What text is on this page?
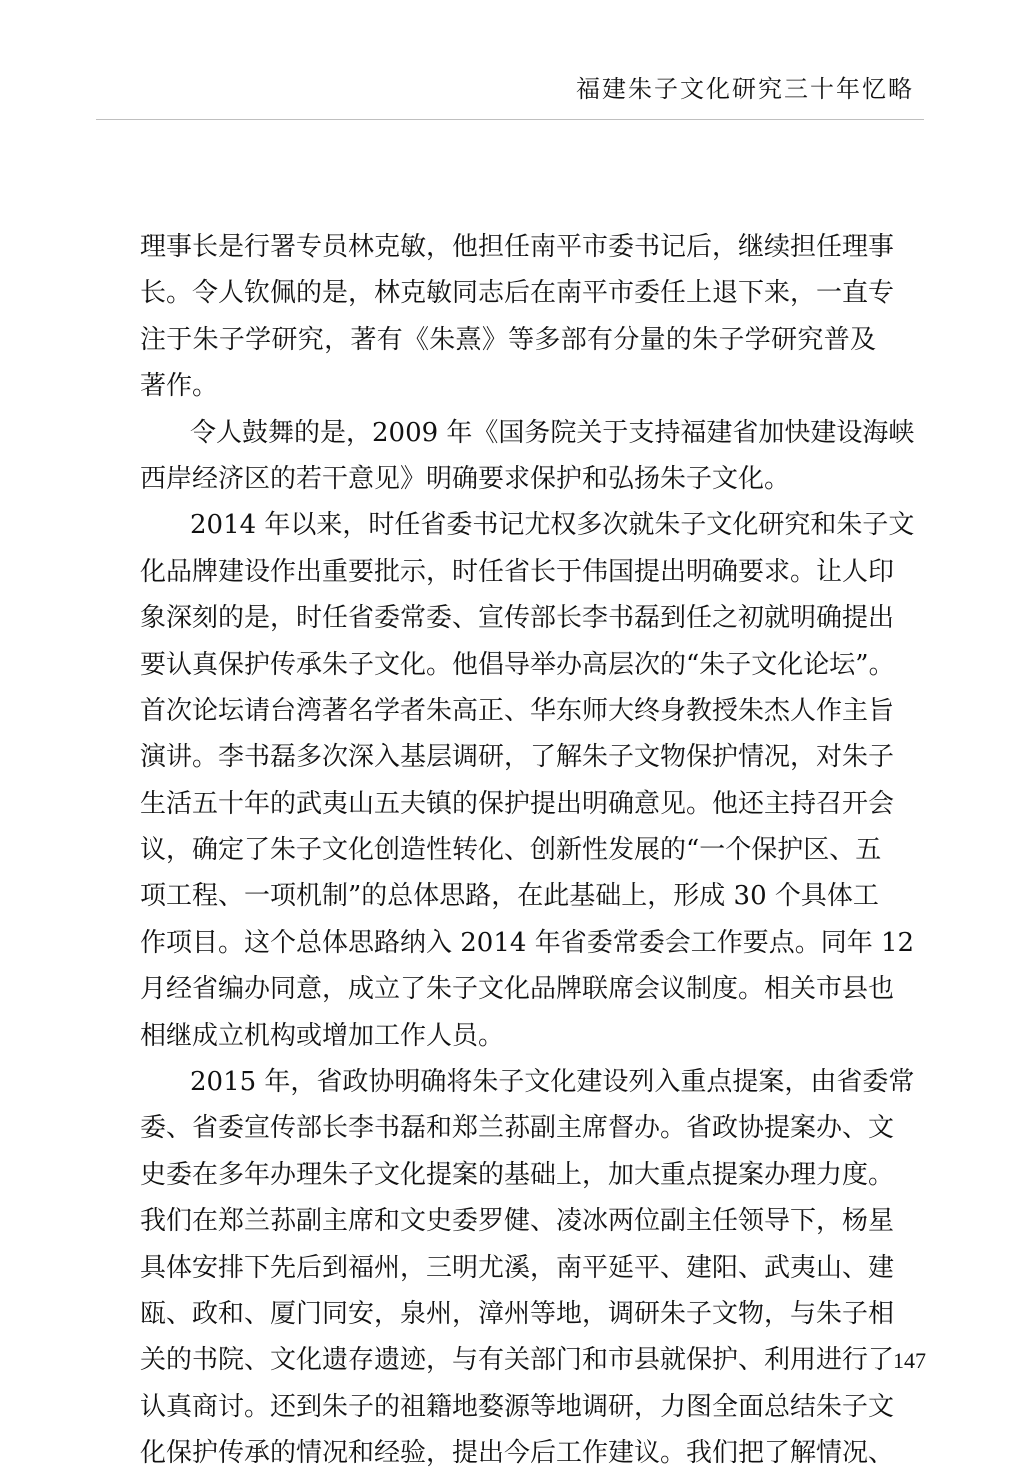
福建朱子文化研究三十年忆略
理事长是行署专员林克敏，他担任南平市委书记后，继续担任理事
长。令人钦佩的是，林克敏同志后在南平市委任上退下来，一直专
注于朱子学研究，著有《朱熹》等多部有分量的朱子学研究普及
著作。
令人鼓舞的是，2009 年《国务院关于支持福建省加快建设海峡
西岸经济区的若干意见》明确要求保护和弘扬朱子文化。
2014 年以来，时任省委书记尤权多次就朱子文化研究和朱子文
化品牌建设作出重要批示，时任省长于伟国提出明确要求。让人印
象深刻的是，时任省委常委、宣传部长李书磊到任之初就明确提出
要认真保护传承朱子文化。他倡导举办高层次的“朱子文化论坛”。
首次论坛请台湾著名学者朱高正、华东师大终身教授朱杰人作主旨
演讲。李书磊多次深入基层调研，了解朱子文物保护情况，对朱子
生活五十年的武夷山五夫镇的保护提出明确意见。他还主持召开会
议，确定了朱子文化创造性转化、创新性发展的“一个保护区、五
项工程、一项机制”的总体思路，在此基础上，形成 30 个具体工
作项目。这个总体思路纳入 2014 年省委常委会工作要点。同年 12
月经省编办同意，成立了朱子文化品牌联席会议制度。相关市县也
相继成立机构或增加工作人员。
2015 年，省政协明确将朱子文化建设列入重点提案，由省委常
委、省委宣传部长李书磊和郑兰荪副主席督办。省政协提案办、文
史委在多年办理朱子文化提案的基础上，加大重点提案办理力度。
我们在郑兰荪副主席和文史委罗健、凌冰两位副主任领导下，杨星
具体安排下先后到福州，三明尤溪，南平延平、建阳、武夷山、建
瓯、政和、厦门同安，泉州，漳州等地，调研朱子文物，与朱子相
关的书院、文化遗存遗迹，与有关部门和市县就保护、利用进行了
认真商讨。还到朱子的祖籍地婺源等地调研，力图全面总结朱子文
化保护传承的情况和经验，提出今后工作建议。我们把了解情况、
147
